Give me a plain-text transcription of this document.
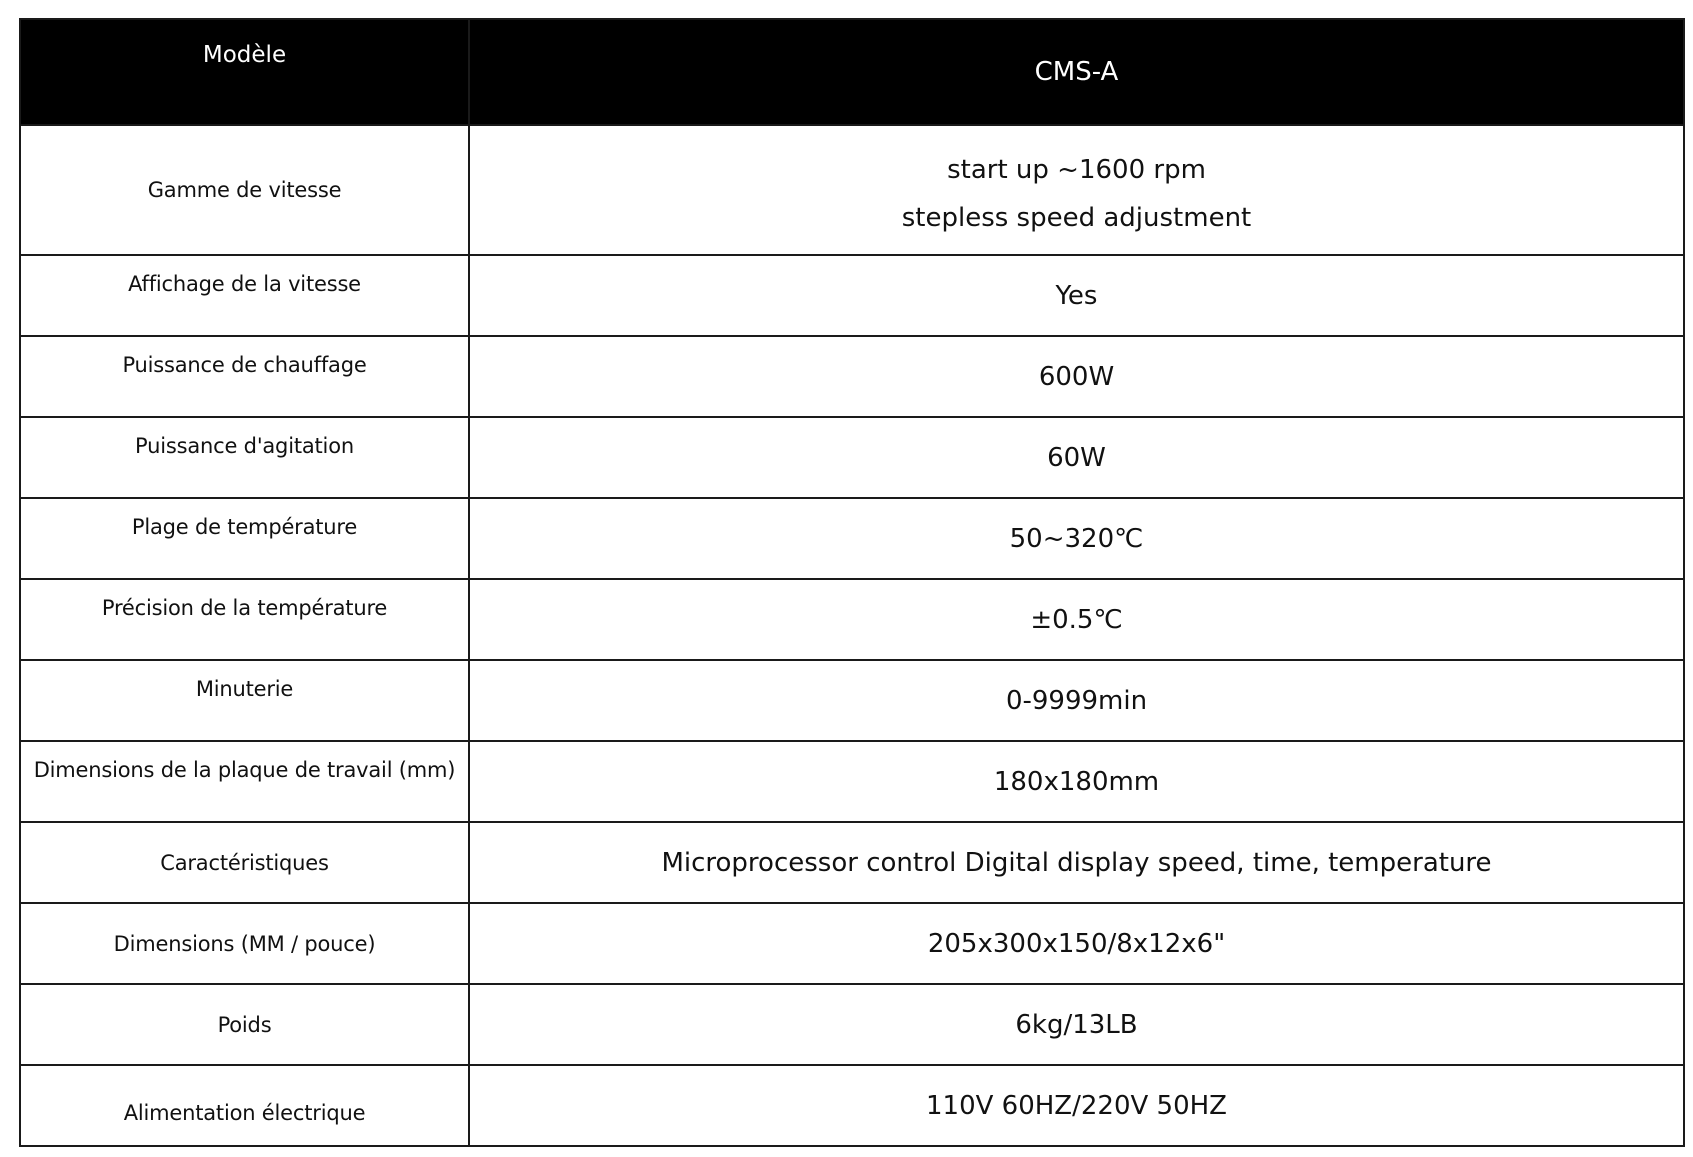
Modèle	CMS-A
Gamme de vitesse	start up ~1600 rpm
stepless speed adjustment

Affichage de la vitesse	Yes
Puissance de chauffage	600W
Puissance d'agitation	60W
Plage de température	50~320℃
Précision de la température	±0.5℃
Minuterie	0-9999min
Dimensions de la plaque de travail (mm)	180x180mm
Caractéristiques	Microprocessor control Digital display speed, time, temperature
Dimensions (MM / pouce)	205x300x150/8x12x6"
Poids	6kg/13LB
Alimentation électrique	110V 60HZ/220V 50HZ
